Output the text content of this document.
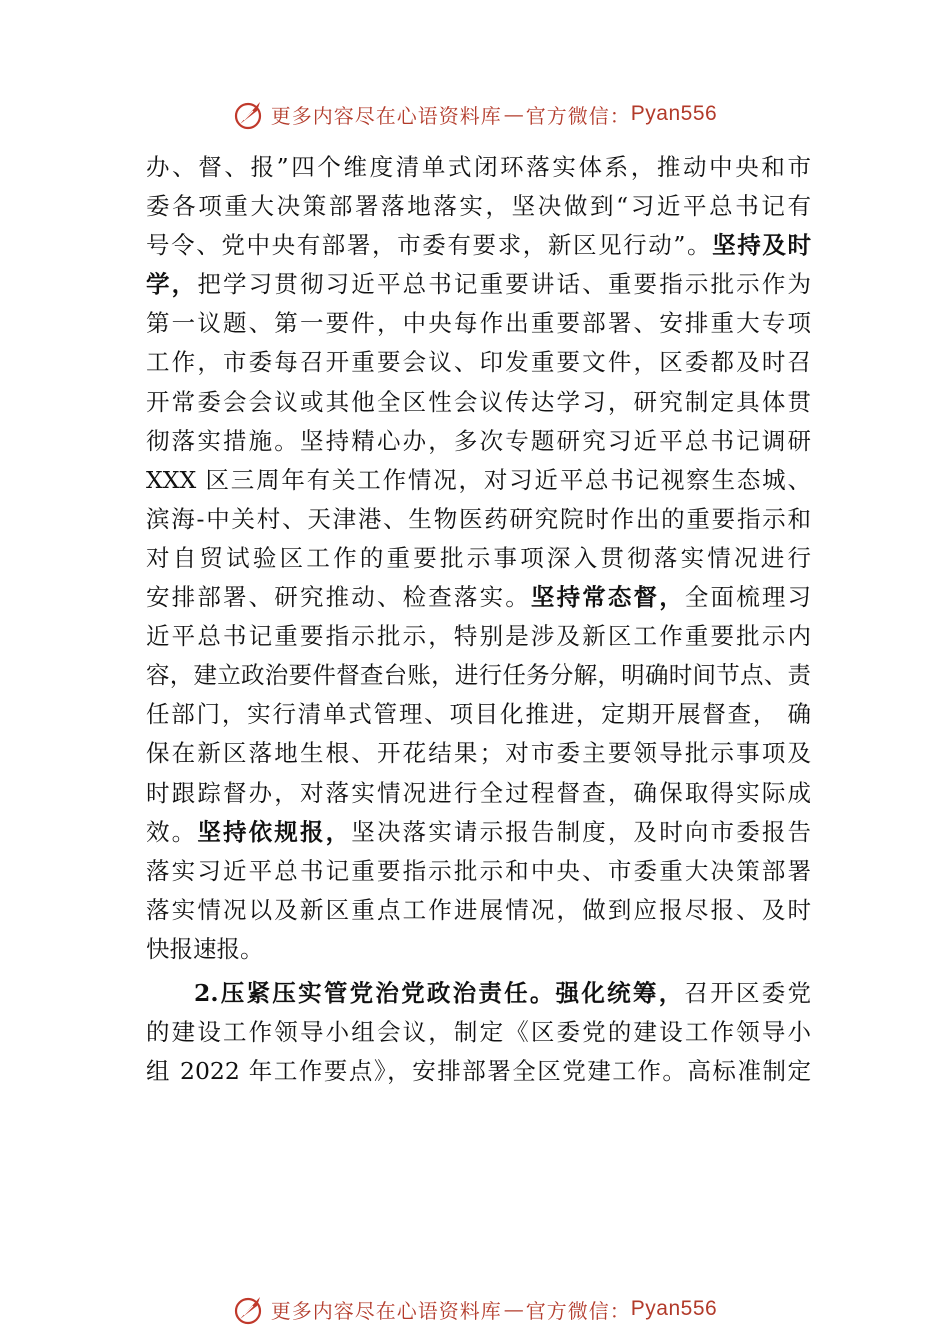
更多内容尽在心语资料库 — 官方微信： Pyan556
办、督、报”四个维度清单式闭环落实体系，推动中央和市
委各项重大决策部署落地落实，坚决做到“习近平总书记有
号令、党中央有部署，市委有要求，新区见行动”。坚持及时
学，把学习贯彻习近平总书记重要讲话、重要指示批示作为
第一议题、第一要件，中央每作出重要部署、安排重大专项
工作，市委每召开重要会议、印发重要文件，区委都及时召
开常委会会议或其他全区性会议传达学习，研究制定具体贯
彻落实措施。坚持精心办，多次专题研究习近平总书记调研
XXX 区三周年有关工作情况，对习近平总书记视察生态城、
滨海-中关村、天津港、生物医药研究院时作出的重要指示和
对自贸试验区工作的重要批示事项深入贯彻落实情况进行
安排部署、研究推动、检查落实。坚持常态督，全面梳理习
近平总书记重要指示批示，特别是涉及新区工作重要批示内
容，建立政治要件督查台账，进行任务分解，明确时间节点、责
任部门，实行清单式管理、项目化推进，定期开展督查， 确
保在新区落地生根、开花结果；对市委主要领导批示事项及
时跟踪督办，对落实情况进行全过程督查，确保取得实际成
效。坚持依规报，坚决落实请示报告制度，及时向市委报告
落实习近平总书记重要指示批示和中央、市委重大决策部署
落实情况以及新区重点工作进展情况，做到应报尽报、及时
快报速报。
2.压紧压实管党治党政治责任。强化统筹，召开区委党
的建设工作领导小组会议，制定《区委党的建设工作领导小
组 2022 年工作要点》，安排部署全区党建工作。高标准制定
更多内容尽在心语资料库 — 官方微信： Pyan556
